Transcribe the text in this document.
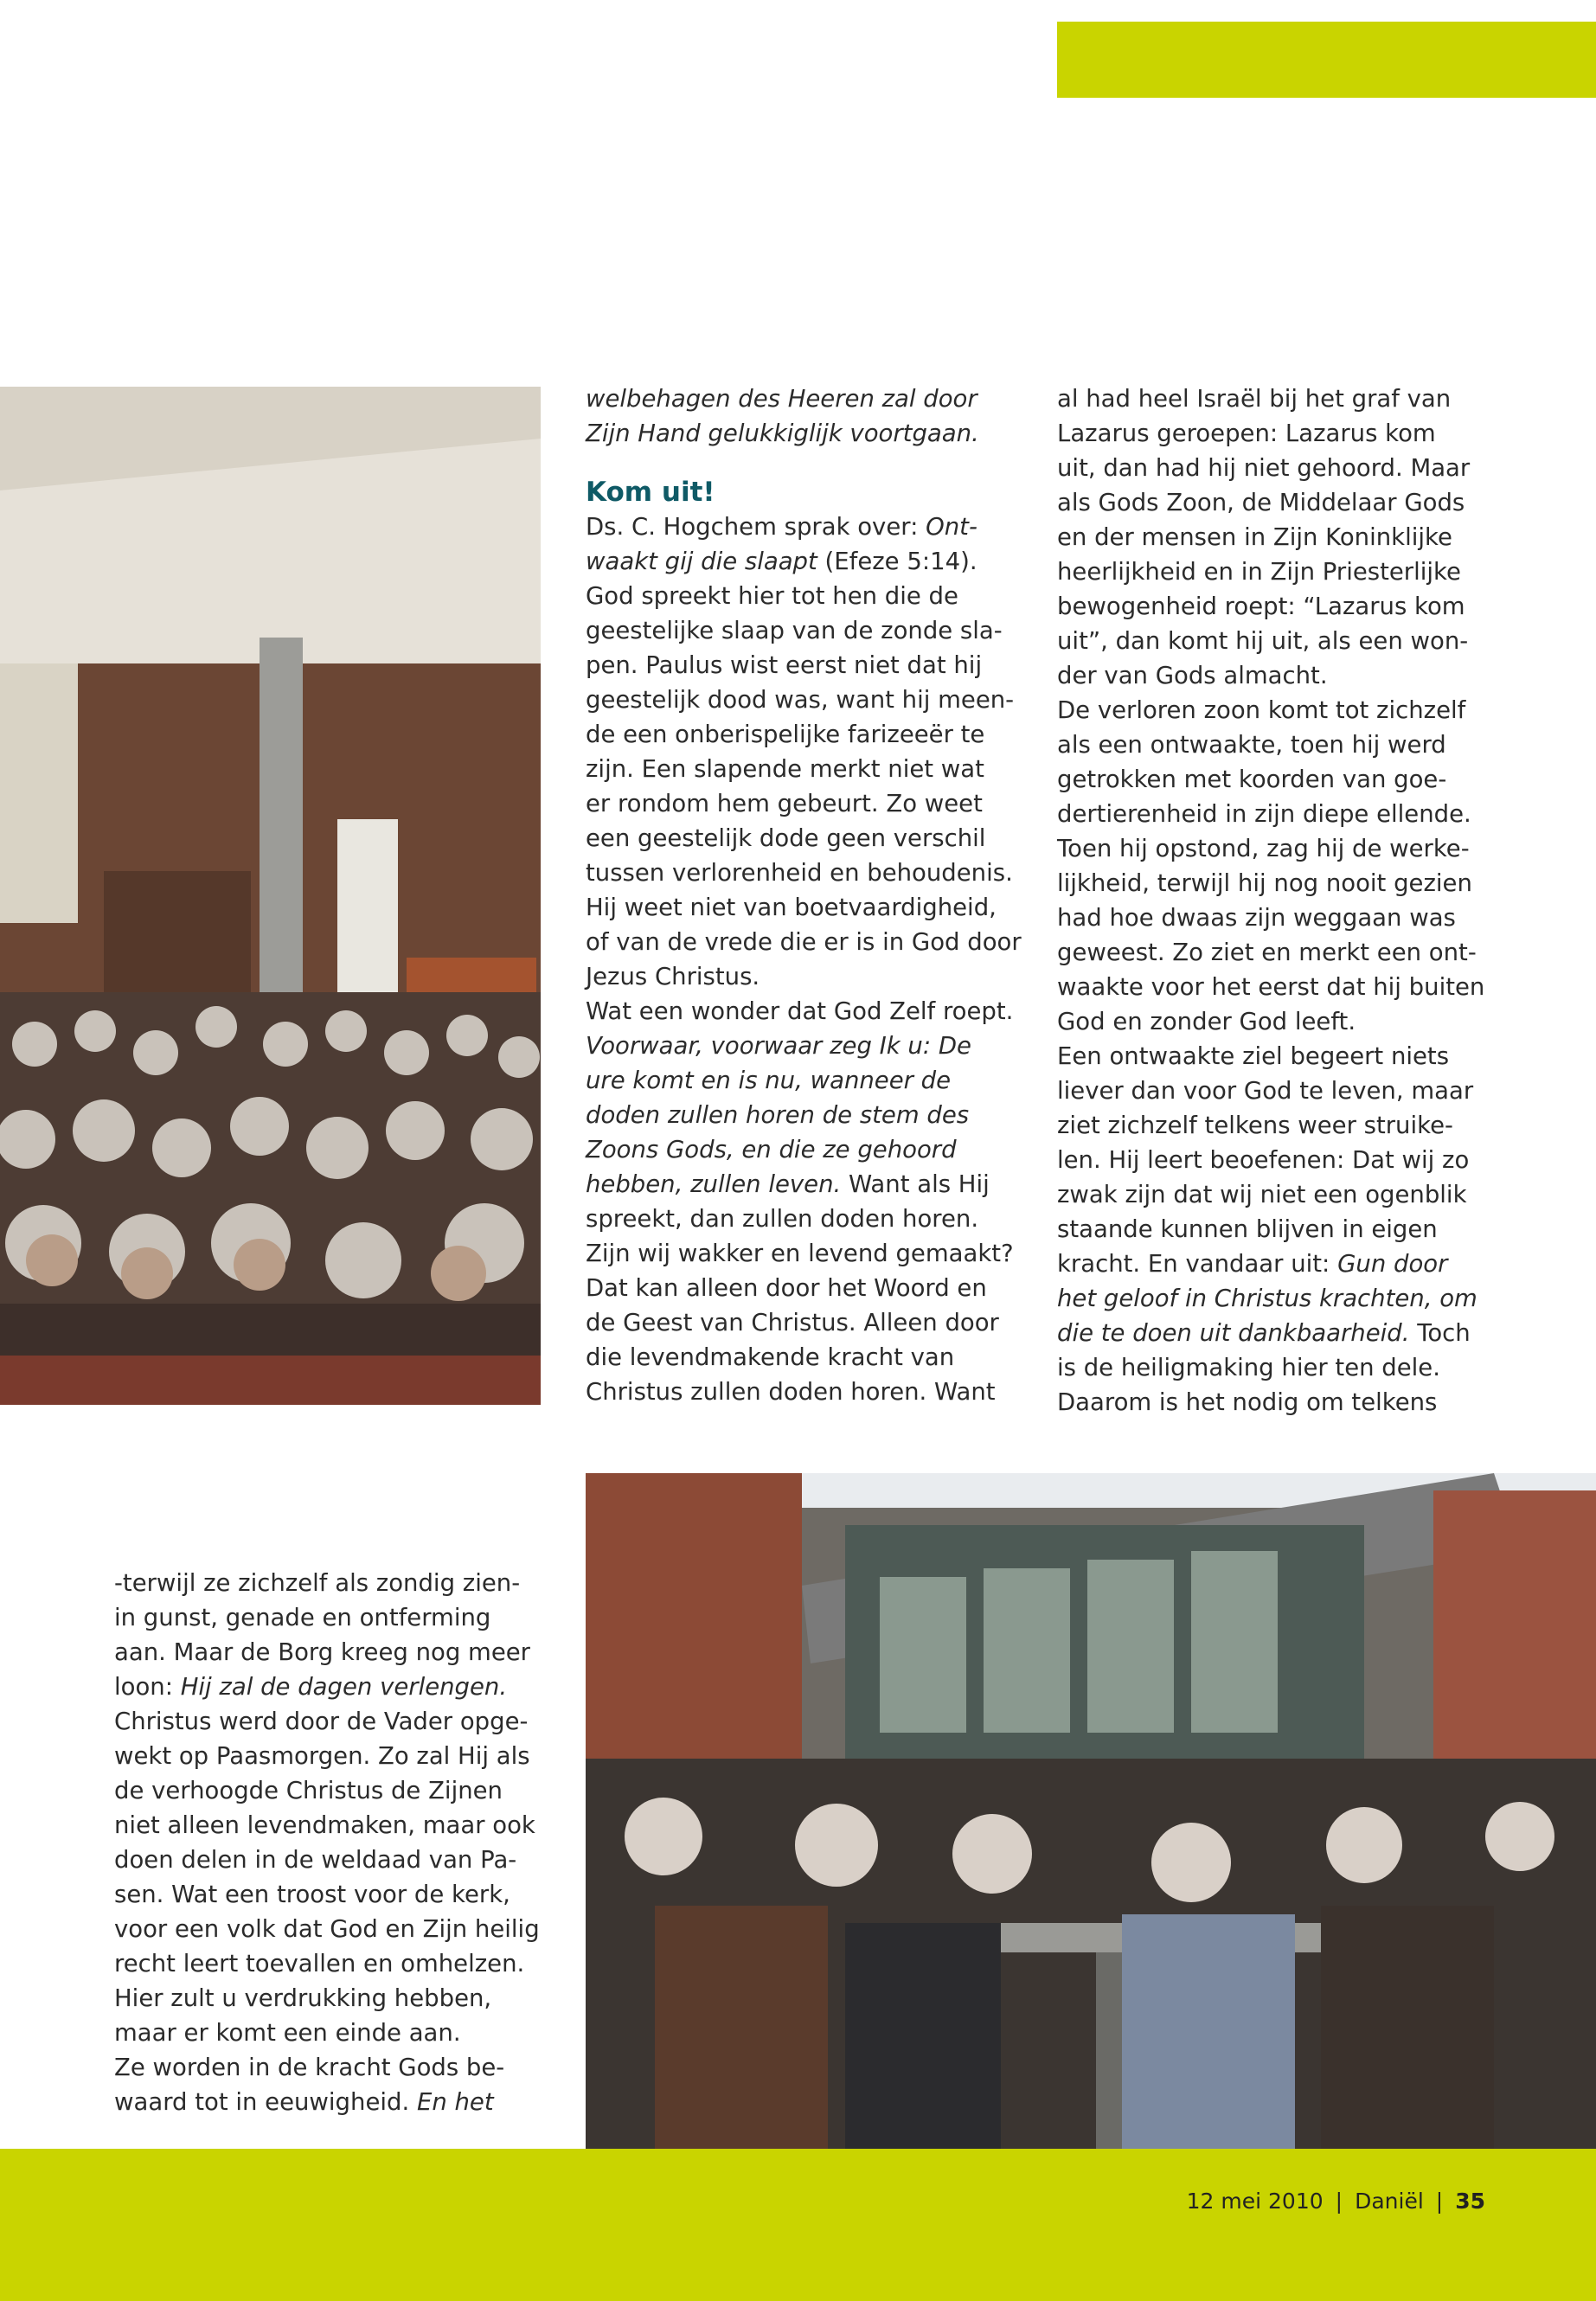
welbehagen des Heeren zal door

Zijn Hand gelukkiglijk voortgaan.

Kom uit!

Ds. C. Hogchem sprak over: Ont-

waakt gij die slaapt (Efeze 5:14).

God spreekt hier tot hen die de

geestelijke slaap van de zonde sla-

pen. Paulus wist eerst niet dat hij

geestelijk dood was, want hij meen-

de een onberispelijke farizeeër te

zijn. Een slapende merkt niet wat

er rondom hem gebeurt. Zo weet

een geestelijk dode geen verschil

tussen verlorenheid en behoudenis.

Hij weet niet van boetvaardigheid,

of van de vrede die er is in God door

Jezus Christus.

Wat een wonder dat God Zelf roept.

Voorwaar, voorwaar zeg Ik u: De

ure komt en is nu, wanneer de

doden zullen horen de stem des

Zoons Gods, en die ze gehoord

hebben, zullen leven. Want als Hij

spreekt, dan zullen doden horen.

Zijn wij wakker en levend gemaakt?

Dat kan alleen door het Woord en

de Geest van Christus. Alleen door

die levendmakende kracht van

Christus zullen doden horen. Want

al had heel Israël bij het graf van

Lazarus geroepen: Lazarus kom

uit, dan had hij niet gehoord. Maar

als Gods Zoon, de Middelaar Gods

en der mensen in Zijn Koninklijke

heerlijkheid en in Zijn Priesterlijke

bewogenheid roept: “Lazarus kom

uit”, dan komt hij uit, als een won-

der van Gods almacht.

De verloren zoon komt tot zichzelf

als een ontwaakte, toen hij werd

getrokken met koorden van goe-

dertierenheid in zijn diepe ellende.

Toen hij opstond, zag hij de werke-

lijkheid, terwijl hij nog nooit gezien

had hoe dwaas zijn weggaan was

geweest. Zo ziet en merkt een ont-

waakte voor het eerst dat hij buiten

God en zonder God leeft.

Een ontwaakte ziel begeert niets

liever dan voor God te leven, maar

ziet zichzelf telkens weer struike-

len. Hij leert beoefenen: Dat wij zo

zwak zijn dat wij niet een ogenblik

staande kunnen blijven in eigen

kracht. En vandaar uit: Gun door

het geloof in Christus krachten, om

die te doen uit dankbaarheid. Toch

is de heiligmaking hier ten dele.

Daarom is het nodig om telkens

-terwijl ze zichzelf als zondig zien-

in gunst, genade en ontferming

aan. Maar de Borg kreeg nog meer

loon: Hij zal de dagen verlengen.

Christus werd door de Vader opge-

wekt op Paasmorgen. Zo zal Hij als

de verhoogde Christus de Zijnen

niet alleen levendmaken, maar ook

doen delen in de weldaad van Pa-

sen. Wat een troost voor de kerk,

voor een volk dat God en Zijn heilig

recht leert toevallen en omhelzen.

Hier zult u verdrukking hebben,

maar er komt een einde aan.

Ze worden in de kracht Gods be-

waard tot in eeuwigheid. En het

12 mei 2010 | Daniël | 35
